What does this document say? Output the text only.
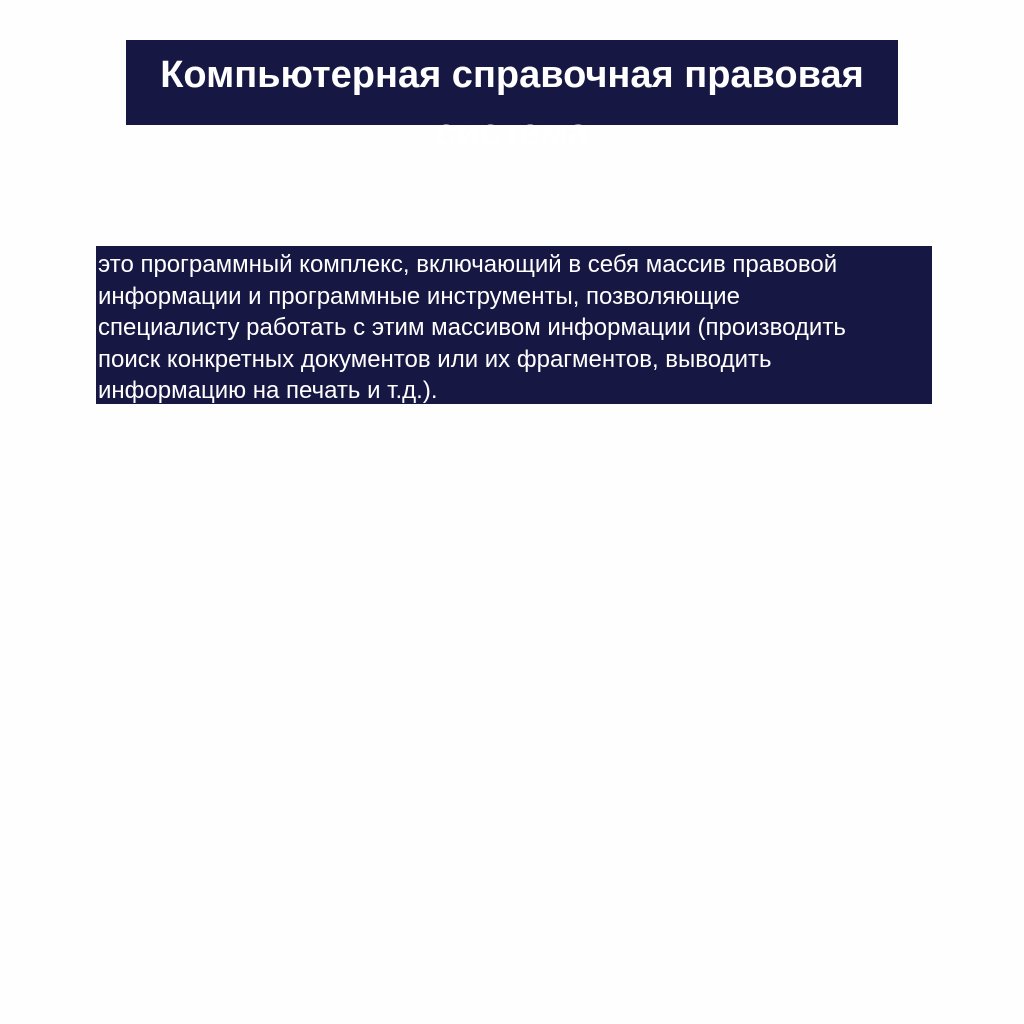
Компьютерная справочная правовая система

это программный комплекс, включающий в себя массив правовой
информации и программные инструменты, позволяющие
специалисту работать с этим массивом информации (производить
поиск конкретных документов или их фрагментов, выводить
информацию на печать и т.д.).
